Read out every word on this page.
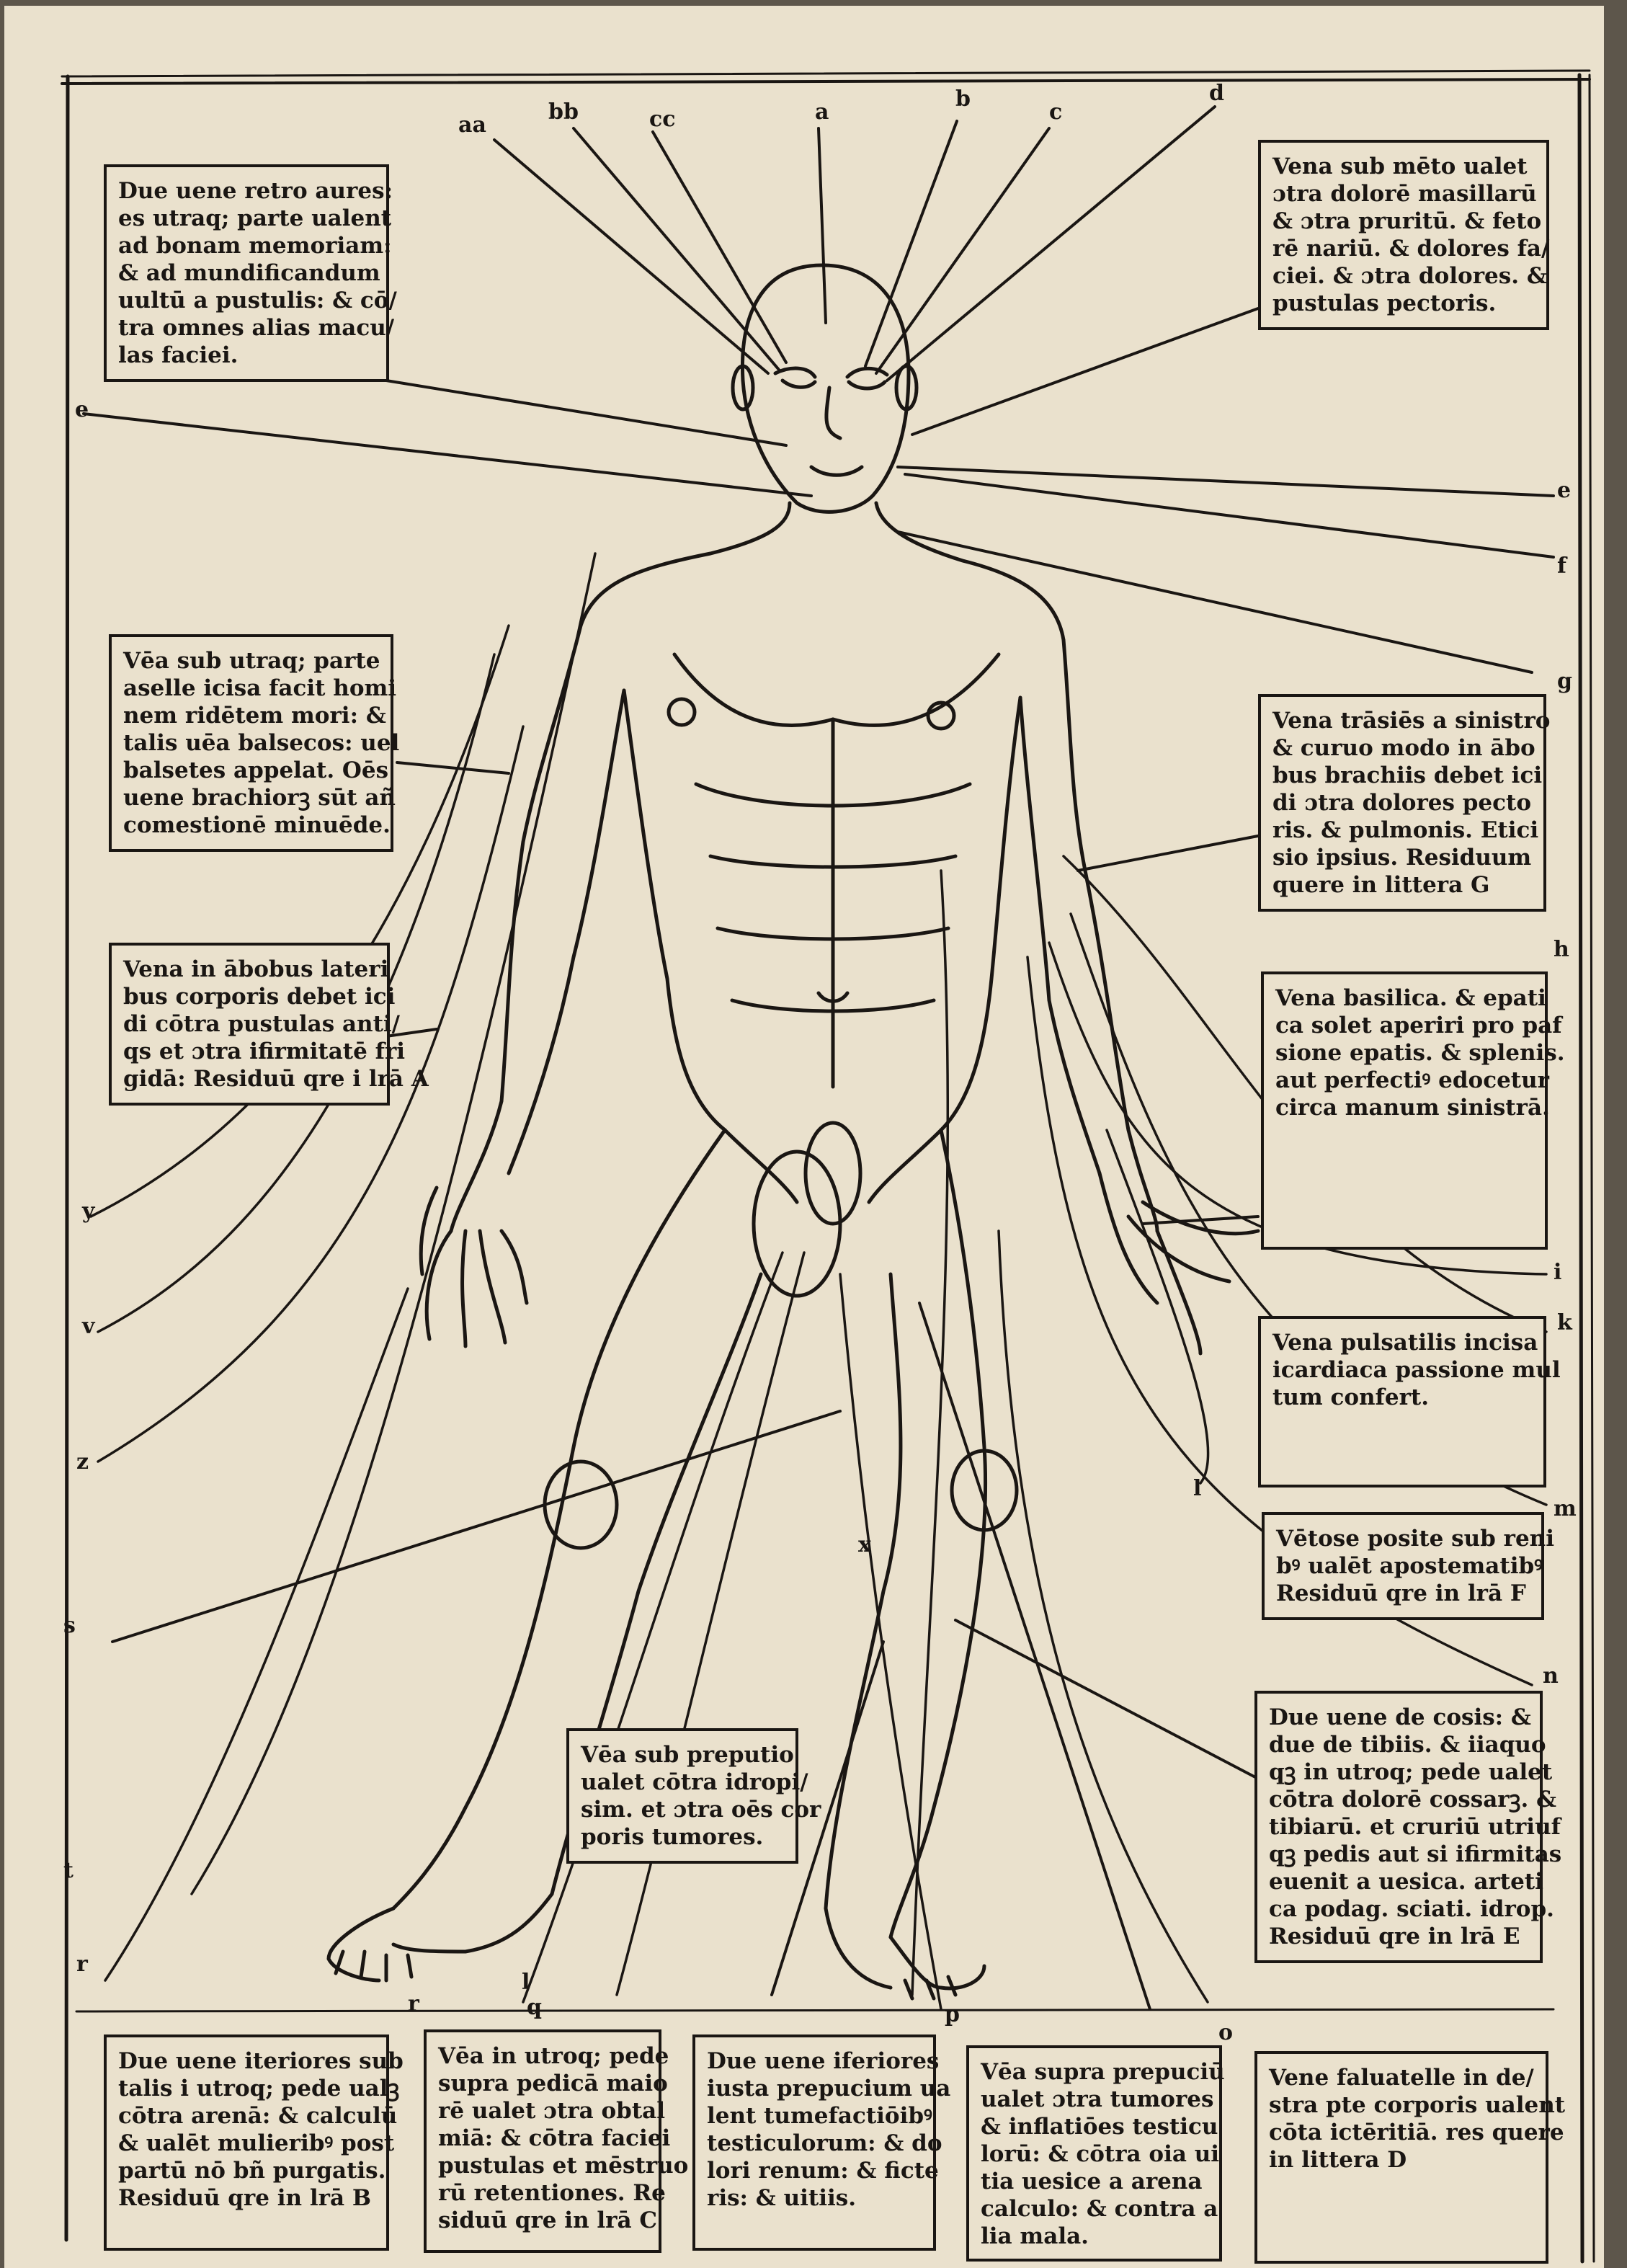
aa
bb	cc	a
b
c
d
e
e
f
g
h
i
k
l
m
n
o
p
q
l
r
r
s
t
v
x
y
z
Due uene retro aures:
es utraq; parte ualent
ad bonam memoriam:
& ad mundificandum
uultū a pustulis: & cō/
tra omnes alias macu/
las faciei.
Vena sub mēto ualet
ɔtra dolorē masillarū
& ɔtra pruritū. & feto
rē nariū. & dolores fa/
ciei. & ɔtra dolores. &
pustulas pectoris.
Vēa sub utraq; parte
aselle icisa facit homi
nem ridētem mori: &
talis uēa balsecos: uel
balsetes appelat. Oēs
uene brachiorꝫ sūt añ
comestionē minuēde.
Vena trāsiēs a sinistro
& curuo modo in ābo
bus brachiis debet ici
di ɔtra dolores pecto
ris. & pulmonis. Etici
sio ipsius. Residuum
quere in littera G
Vena in ābobus lateri
bus corporis debet ici
di cōtra pustulas anti/
qs et ɔtra ifirmitatē fri
gidā: Residuū qre i lrā A
Vena basilica. & epati
ca solet aperiri pro paf
sione epatis. & splenis.
aut perfectiꝰ edocetur
circa manum sinistrā.
Vena pulsatilis incisa
icardiaca passione mul
tum confert.
Vētose posite sub reni
bꝰ ualēt apostematibꝰ
Residuū qre in lrā F
Due uene de cosis: &
due de tibiis. & iiaquo
qꝫ in utroq; pede ualet
cōtra dolorē cossarꝫ. &
tibiarū. et cruriū utriuf
qꝫ pedis aut si ifirmitas
euenit a uesica. arteti
ca podag. sciati. idrop.
Residuū qre in lrā E
Vēa sub preputio
ualet cōtra idropi/
sim. et ɔtra oēs cor
poris tumores.
Due uene iteriores sub
talis i utroq; pede ualꝫ
cōtra arenā: & calculū
& ualēt mulieribꝰ post
partū nō bñ purgatis.
Residuū qre in lrā B
Vēa in utroq; pede
supra pedicā maio
rē ualet ɔtra obtal
miā: & cōtra faciei
pustulas et mēstruo
rū retentiones. Re
siduū qre in lrā C
Due uene iferiores
iusta prepucium ua
lent tumefactiōibꝰ
testiculorum: & do
lori renum: & ficte
ris: & uitiis.
Vēa supra prepuciū
ualet ɔtra tumores
& inflatiōes testicu
lorū: & cōtra oia ui
tia uesice a arena
calculo: & contra a
lia mala.
Vene faluatelle in de/
stra pte corporis ualent
cōta ictēritiā. res quere
in littera D
